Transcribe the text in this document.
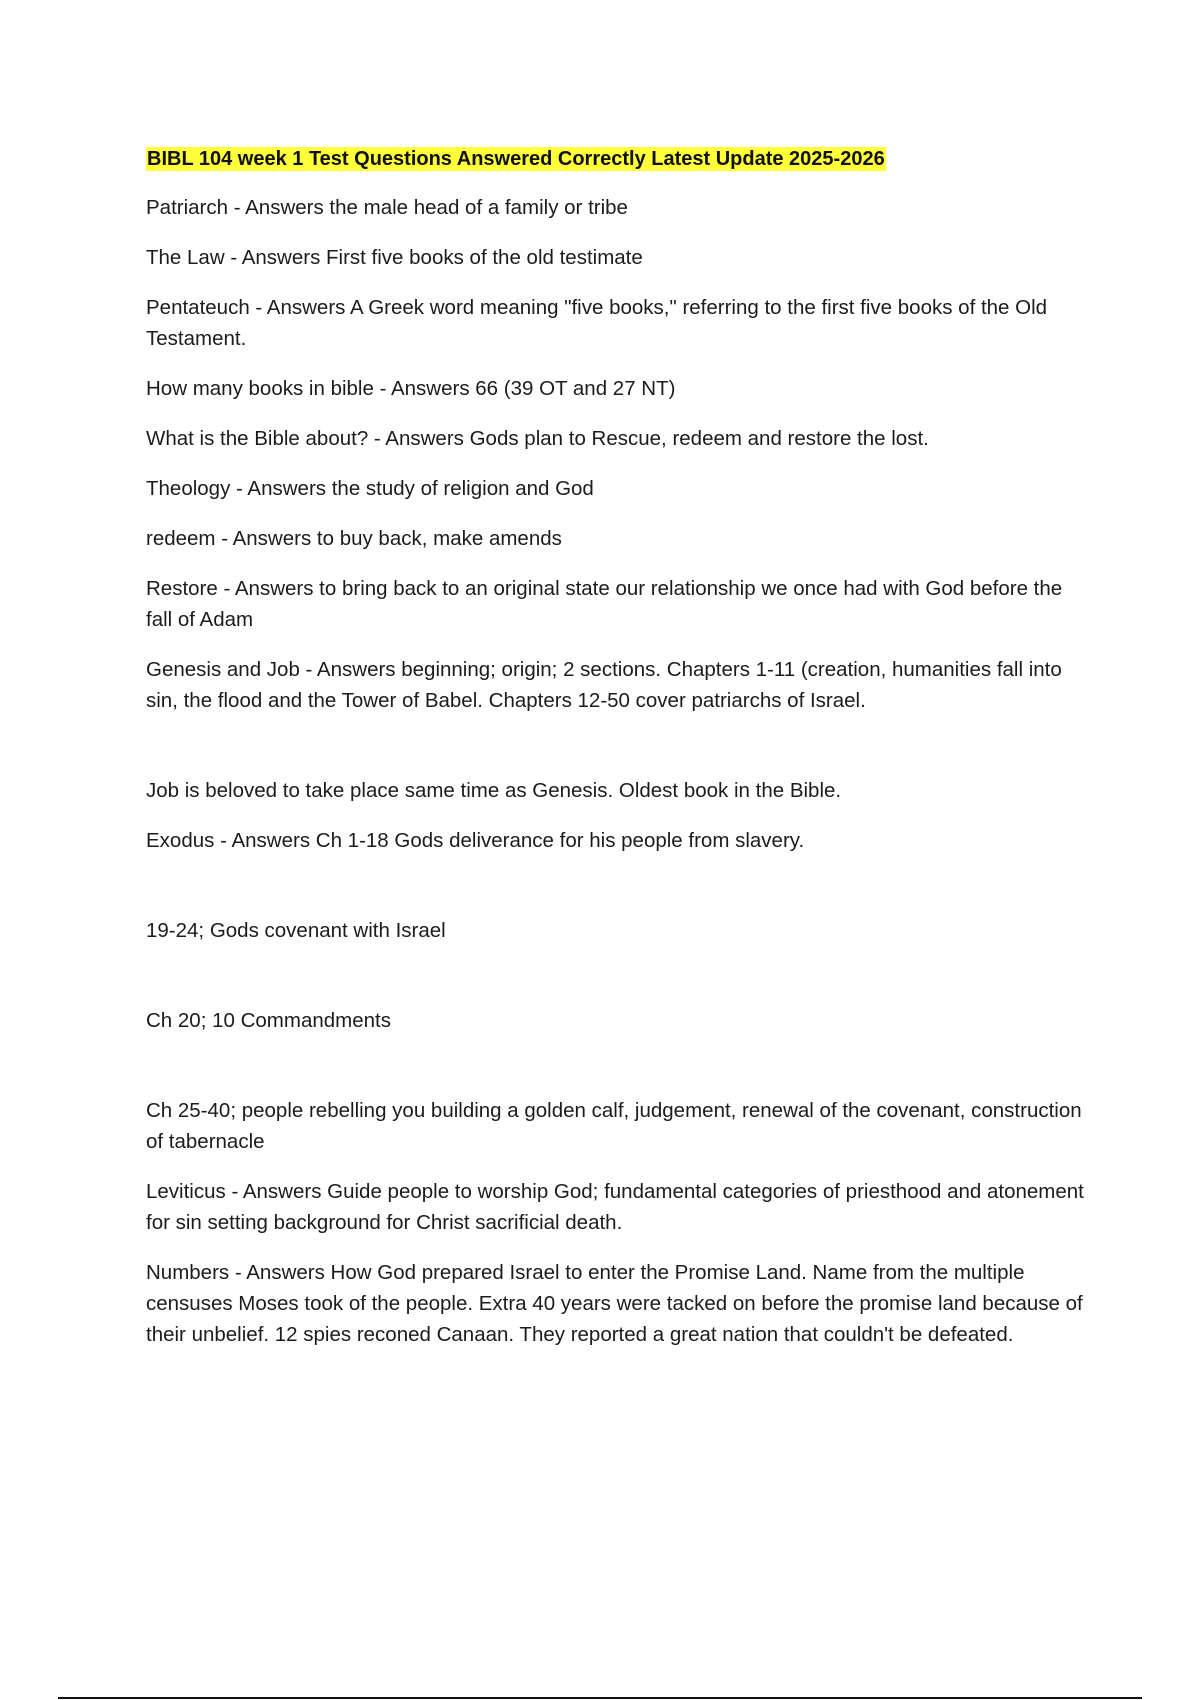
BIBL 104 week 1 Test Questions Answered Correctly Latest Update 2025-2026

Patriarch - Answers the male head of a family or tribe

The Law - Answers First five books of the old testimate

Pentateuch - Answers A Greek word meaning "five books," referring to the first five books of the Old Testament.

How many books in bible - Answers 66 (39 OT and 27 NT)

What is the Bible about? - Answers Gods plan to Rescue, redeem and restore the lost.

Theology - Answers the study of religion and God

redeem - Answers to buy back, make amends

Restore - Answers to bring back to an original state our relationship we once had with God before the fall of Adam

Genesis and Job - Answers beginning; origin; 2 sections. Chapters 1-11 (creation, humanities fall into sin, the flood and the Tower of Babel. Chapters 12-50 cover patriarchs of Israel.

Job is beloved to take place same time as Genesis. Oldest book in the Bible.

Exodus - Answers Ch 1-18 Gods deliverance for his people from slavery.

19-24; Gods covenant with Israel

Ch 20; 10 Commandments

Ch 25-40; people rebelling you building a golden calf, judgement, renewal of the covenant, construction of tabernacle

Leviticus - Answers Guide people to worship God; fundamental categories of priesthood and atonement for sin setting background for Christ sacrificial death.

Numbers - Answers How God prepared Israel to enter the Promise Land. Name from the multiple censuses Moses took of the people. Extra 40 years were tacked on before the promise land because of their unbelief. 12 spies reconed Canaan. They reported a great nation that couldn't be defeated.
